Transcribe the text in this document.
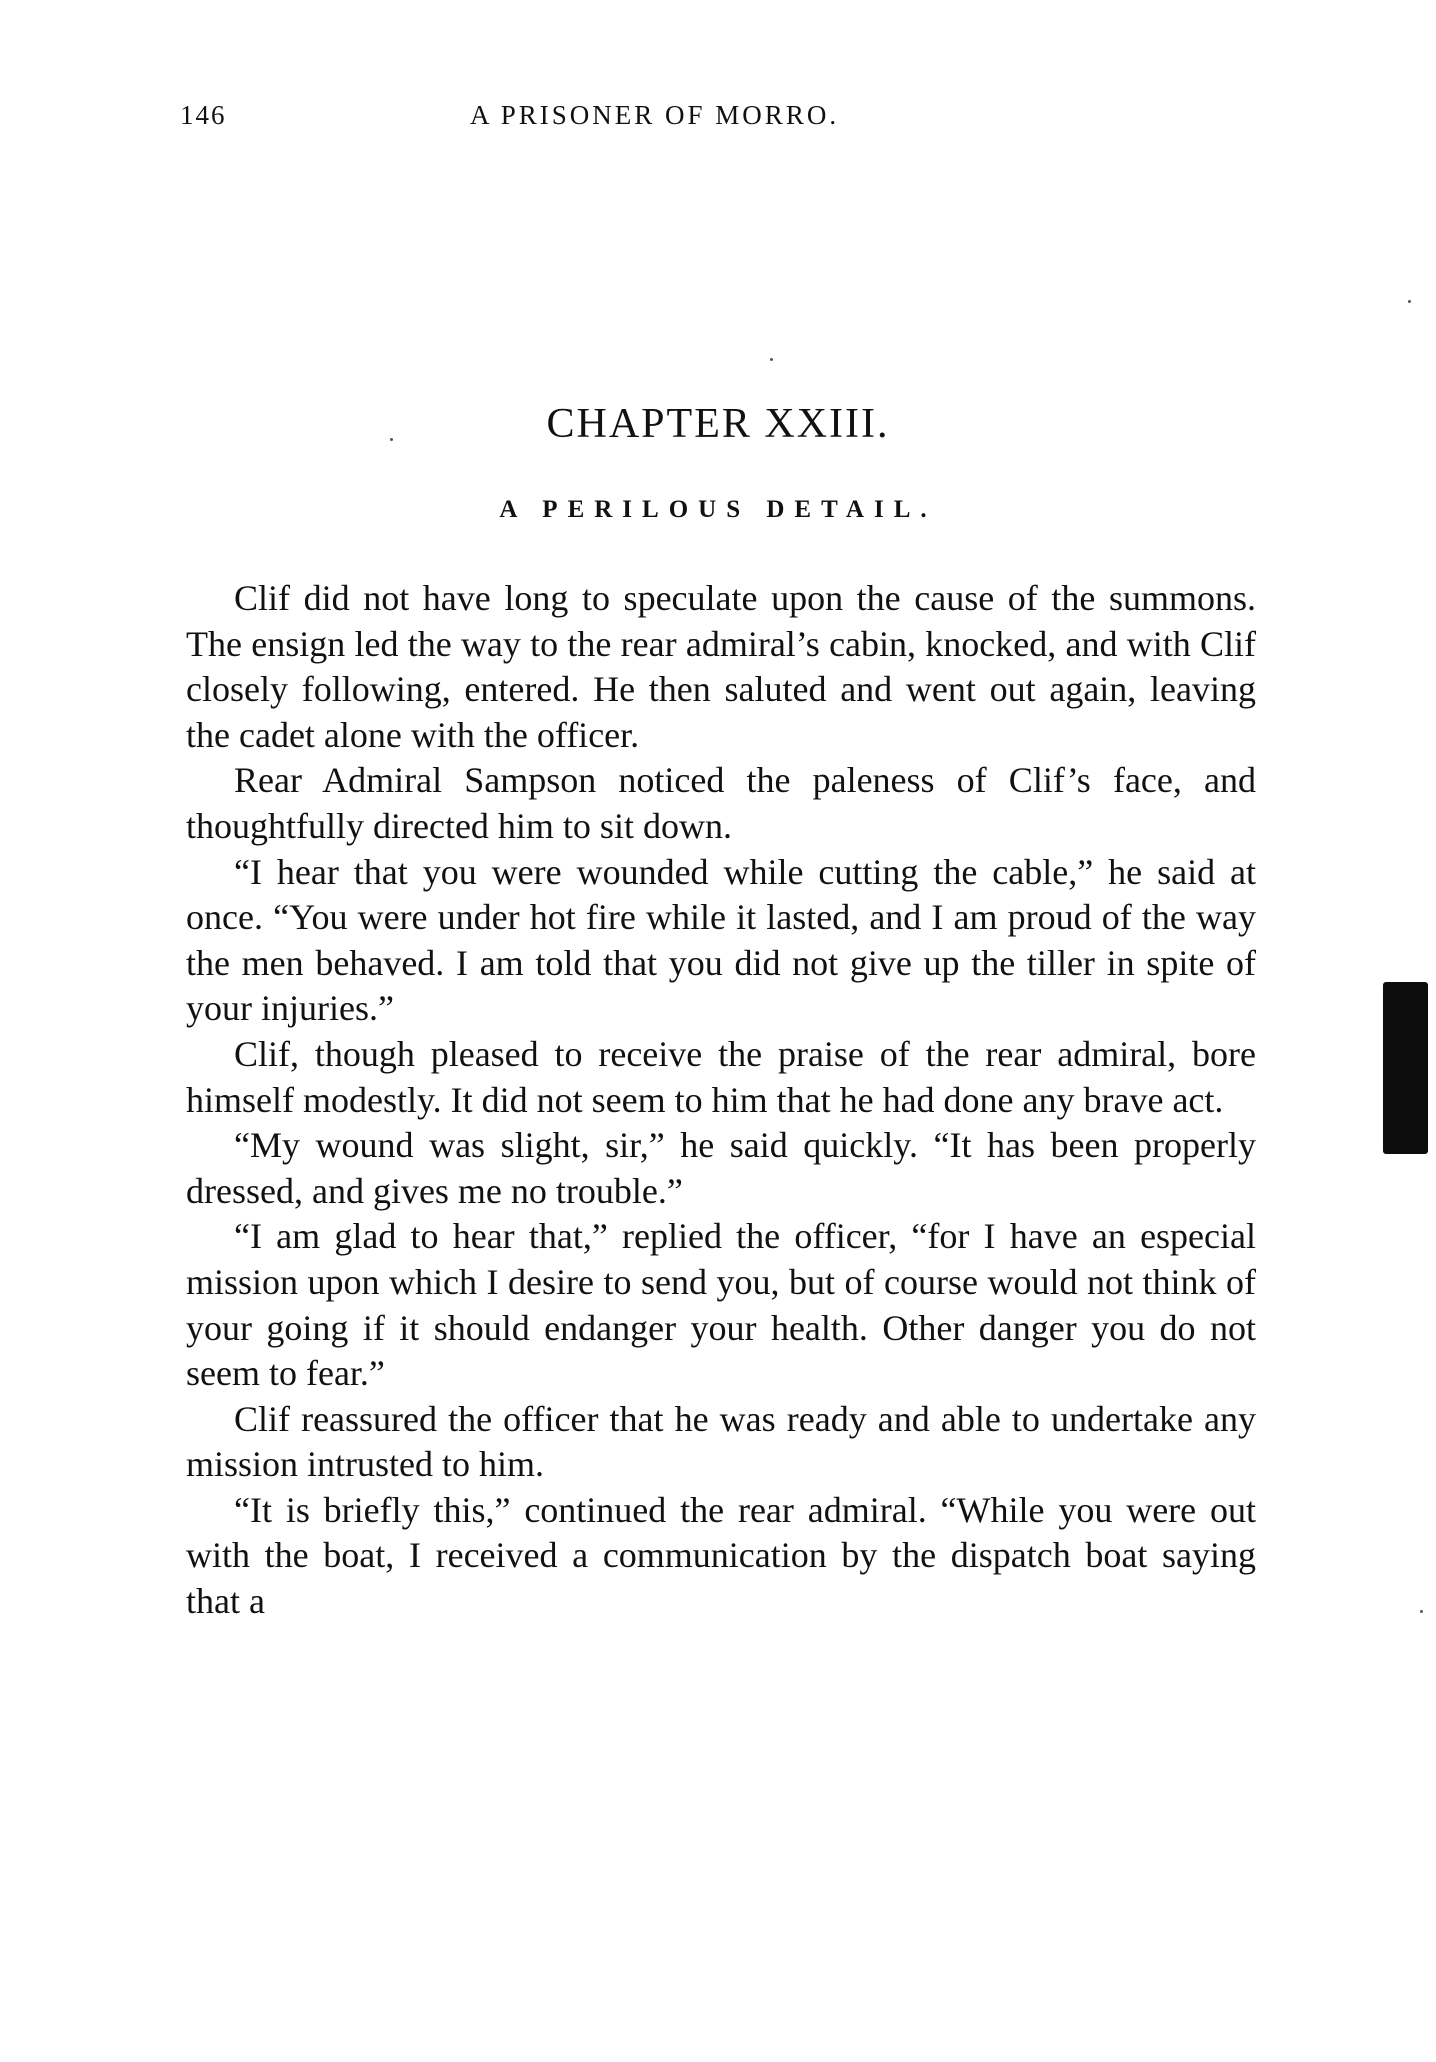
146	A PRISONER OF MORRO.
CHAPTER XXIII.
A PERILOUS DETAIL.

Clif did not have long to speculate upon the cause of the summons. The ensign led the way to the rear admiral’s cabin, knocked, and with Clif closely following, entered. He then saluted and went out again, leaving the cadet alone with the officer.

Rear Admiral Sampson noticed the paleness of Clif’s face, and thoughtfully directed him to sit down.

“I hear that you were wounded while cutting the cable,” he said at once. “You were under hot fire while it lasted, and I am proud of the way the men behaved. I am told that you did not give up the tiller in spite of your injuries.”

Clif, though pleased to receive the praise of the rear admiral, bore himself modestly. It did not seem to him that he had done any brave act.

“My wound was slight, sir,” he said quickly. “It has been properly dressed, and gives me no trouble.”

“I am glad to hear that,” replied the officer, “for I have an especial mission upon which I desire to send you, but of course would not think of your going if it should endanger your health. Other danger you do not seem to fear.”

Clif reassured the officer that he was ready and able to undertake any mission intrusted to him.

“It is briefly this,” continued the rear admiral. “While you were out with the boat, I received a communication by the dispatch boat saying that a
